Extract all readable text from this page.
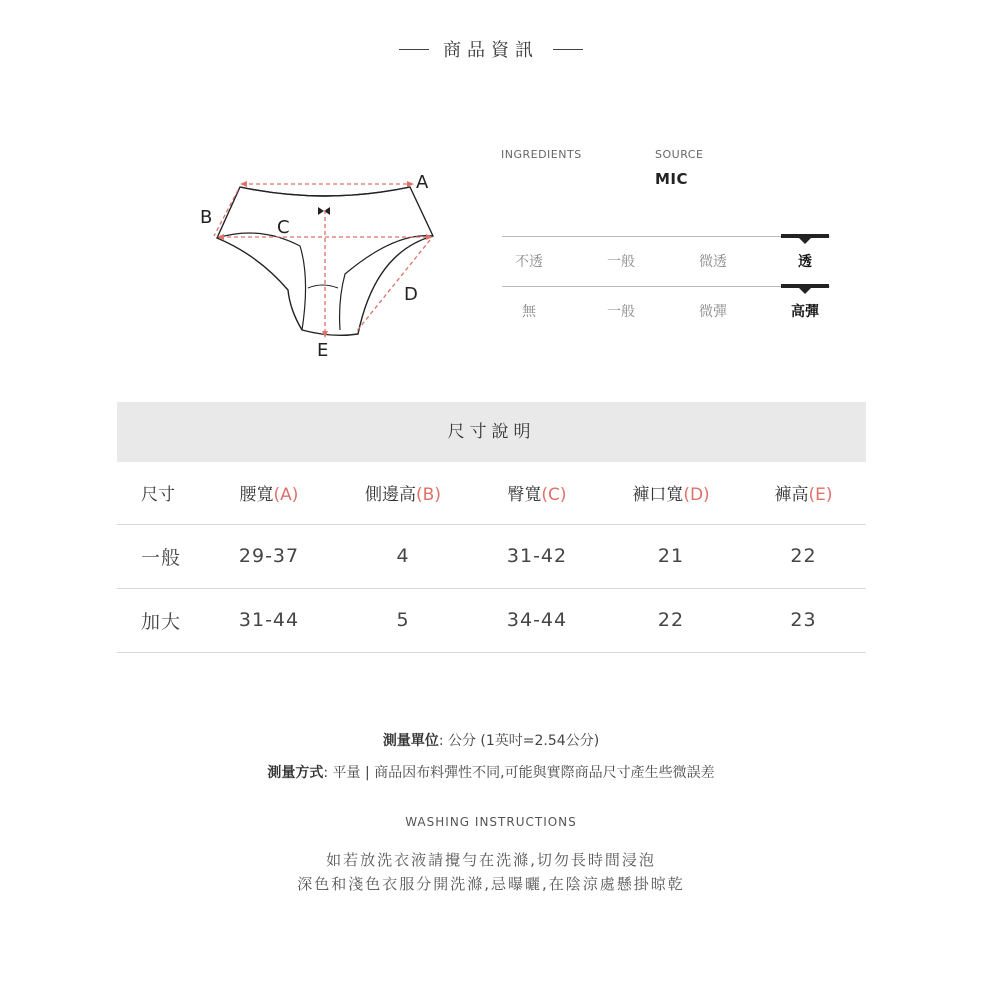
商品資訊
A
B	C
D
E
INGREDIENTS	SOURCE
MIC
不透	一般	微透	透
無	一般	微彈	高彈
尺寸說明
尺寸	腰寬(A)	側邊高(B)	臀寬(C)	褲口寬(D)	褲高(E)
一般	29-37	4	31-42	21	22
加大	31-44	5	34-44	22	23
測量單位: 公分 (1英吋=2.54公分)
測量方式: 平量 | 商品因布料彈性不同,可能與實際商品尺寸產生些微誤差
WASHING INSTRUCTIONS
如若放洗衣液請攪勻在洗滌,切勿長時間浸泡
深色和淺色衣服分開洗滌,忌曝曬,在陰涼處懸掛晾乾
